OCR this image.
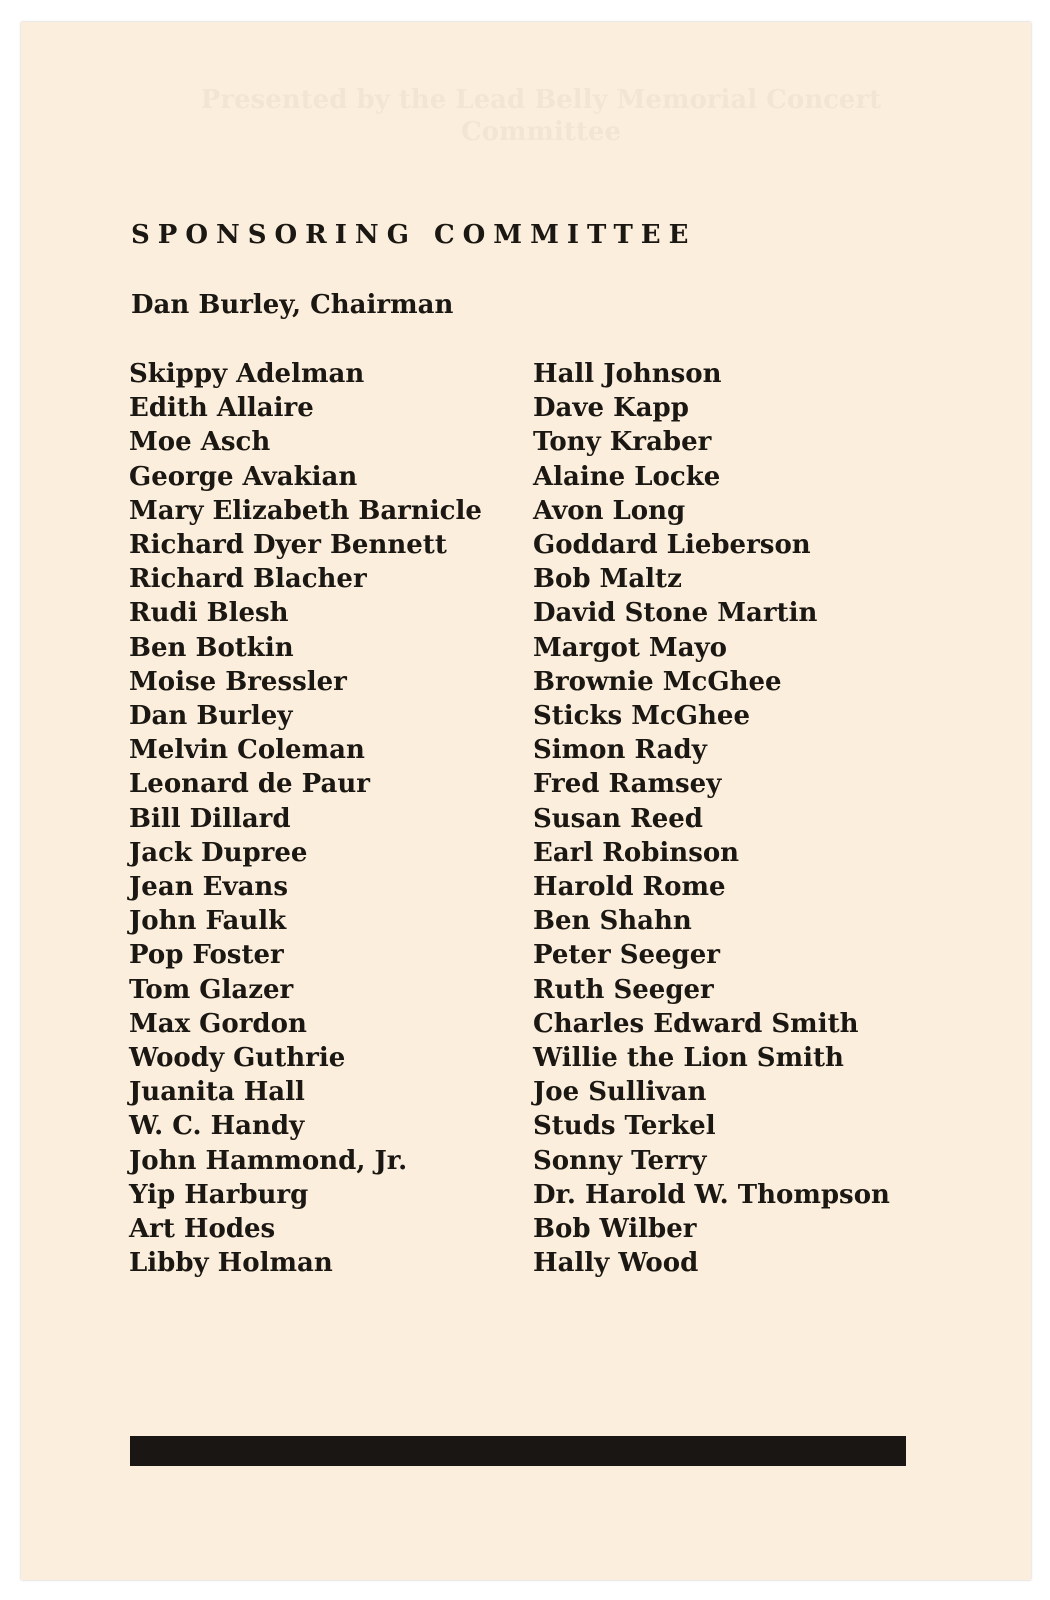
Presented by the Lead Belly Memorial Concert Committee
SPONSORING COMMITTEE
Dan Burley, Chairman
Skippy Adelman
Edith Allaire
Moe Asch
George Avakian
Mary Elizabeth Barnicle
Richard Dyer Bennett
Richard Blacher
Rudi Blesh
Ben Botkin
Moise Bressler
Dan Burley
Melvin Coleman
Leonard de Paur
Bill Dillard
Jack Dupree
Jean Evans
John Faulk
Pop Foster
Tom Glazer
Max Gordon
Woody Guthrie
Juanita Hall
W. C. Handy
John Hammond, Jr.
Yip Harburg
Art Hodes
Libby Holman
Hall Johnson
Dave Kapp
Tony Kraber
Alaine Locke
Avon Long
Goddard Lieberson
Bob Maltz
David Stone Martin
Margot Mayo
Brownie McGhee
Sticks McGhee
Simon Rady
Fred Ramsey
Susan Reed
Earl Robinson
Harold Rome
Ben Shahn
Peter Seeger
Ruth Seeger
Charles Edward Smith
Willie the Lion Smith
Joe Sullivan
Studs Terkel
Sonny Terry
Dr. Harold W. Thompson
Bob Wilber
Hally Wood
